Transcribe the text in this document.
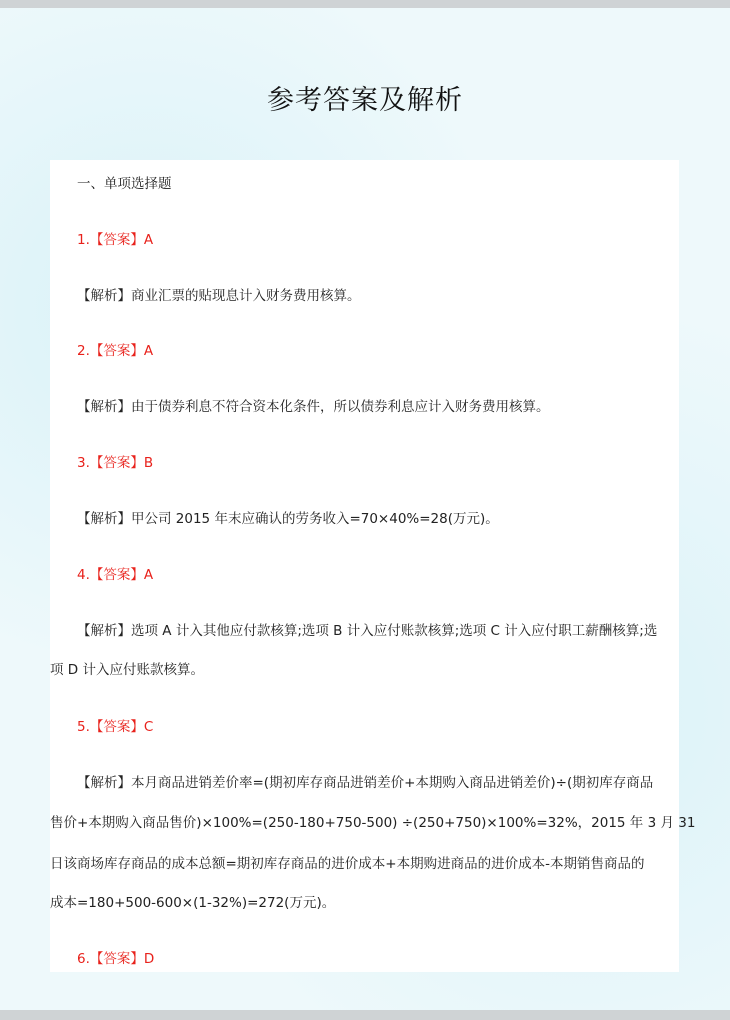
参考答案及解析
一、单项选择题
1.【答案】A
【解析】商业汇票的贴现息计入财务费用核算。
2.【答案】A
【解析】由于债券利息不符合资本化条件，所以债券利息应计入财务费用核算。
3.【答案】B
【解析】甲公司 2015 年末应确认的劳务收入=70×40%=28(万元)。
4.【答案】A
【解析】选项 A 计入其他应付款核算;选项 B 计入应付账款核算;选项 C 计入应付职工薪酬核算;选
项 D 计入应付账款核算。
5.【答案】C
【解析】本月商品进销差价率=(期初库存商品进销差价+本期购入商品进销差价)÷(期初库存商品
售价+本期购入商品售价)×100%=(250-180+750-500) ÷(250+750)×100%=32%，2015 年 3 月 31
日该商场库存商品的成本总额=期初库存商品的进价成本+本期购进商品的进价成本-本期销售商品的
成本=180+500-600×(1-32%)=272(万元)。
6.【答案】D
